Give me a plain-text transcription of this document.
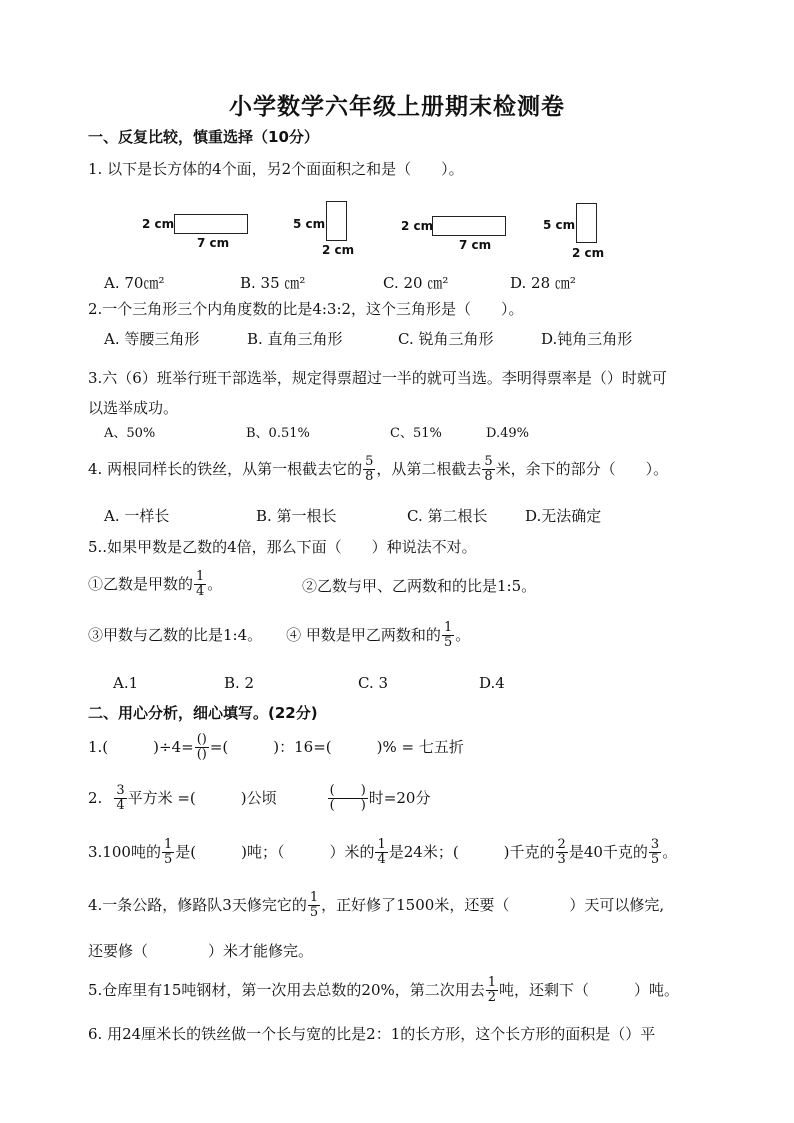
小学数学六年级上册期末检测卷
一、反复比较，慎重选择（10分）
1. 以下是长方体的4个面，另2个面面积之和是（　　）。
2 cm
7 cm
5 cm
2 cm
2 cm
7 cm
5 cm
2 cm
A. 70㎝²	B. 35 ㎝²	C. 20 ㎝²	D. 28 ㎝²
2.一个三角形三个内角度数的比是4:3:2，这个三角形是（　　）。
A. 等腰三角形	B. 直角三角形	C. 锐角三角形	D.钝角三角形
3.六（6）班举行班干部选举，规定得票超过一半的就可当选。李明得票率是（）时就可
以选举成功。
A、50%	B、0.51%	C、51%	D.49%
4. 两根同样长的铁丝，从第一根截去它的 $\frac{5}{8}$ ，从第二根截去 $\frac{5}{8}$ 米，余下的部分（　　）。
A. 一样长	B. 第一根长	C. 第二根长	D.无法确定
5..如果甲数是乙数的4倍，那么下面（　　）种说法不对。
①乙数是甲数的 $\frac{1}{4}$ 。	②乙数与甲、乙两数和的比是1:5。
③甲数与乙数的比是1:4。 ④ 甲数是甲乙两数和的 $\frac{1}{5}$ 。
A.1	B. 2	C. 3	D.4
二、用心分析，细心填写。(22分)
1.(　　　)$\div 4= \frac{()}{()}$ =(　　　)：16=(　　　)% = 七五折
2. $\frac{3}{4}$ 平方米 =(　　　)公顷	$\frac{( )}{( )}$ 时=20分
3.100吨的 $\frac{1}{5}$ 是(　　　)吨；（　　　）米的 $\frac{1}{4}$ 是24米；(　　　)千克的 $\frac{2}{3}$ 是40千克的 $\frac{3}{5}$ 。
4.一条公路，修路队3天修完它的 $\frac{1}{5}$ ，正好修了1500米，还要（　　　　）天可以修完,
还要修（　　　　）米才能修完。
5.仓库里有15吨钢材，第一次用去总数的20%，第二次用去 $\frac{1}{2}$ 吨，还剩下（　　　）吨。
6. 用24厘米长的铁丝做一个长与宽的比是2：1的长方形，这个长方形的面积是（）平
